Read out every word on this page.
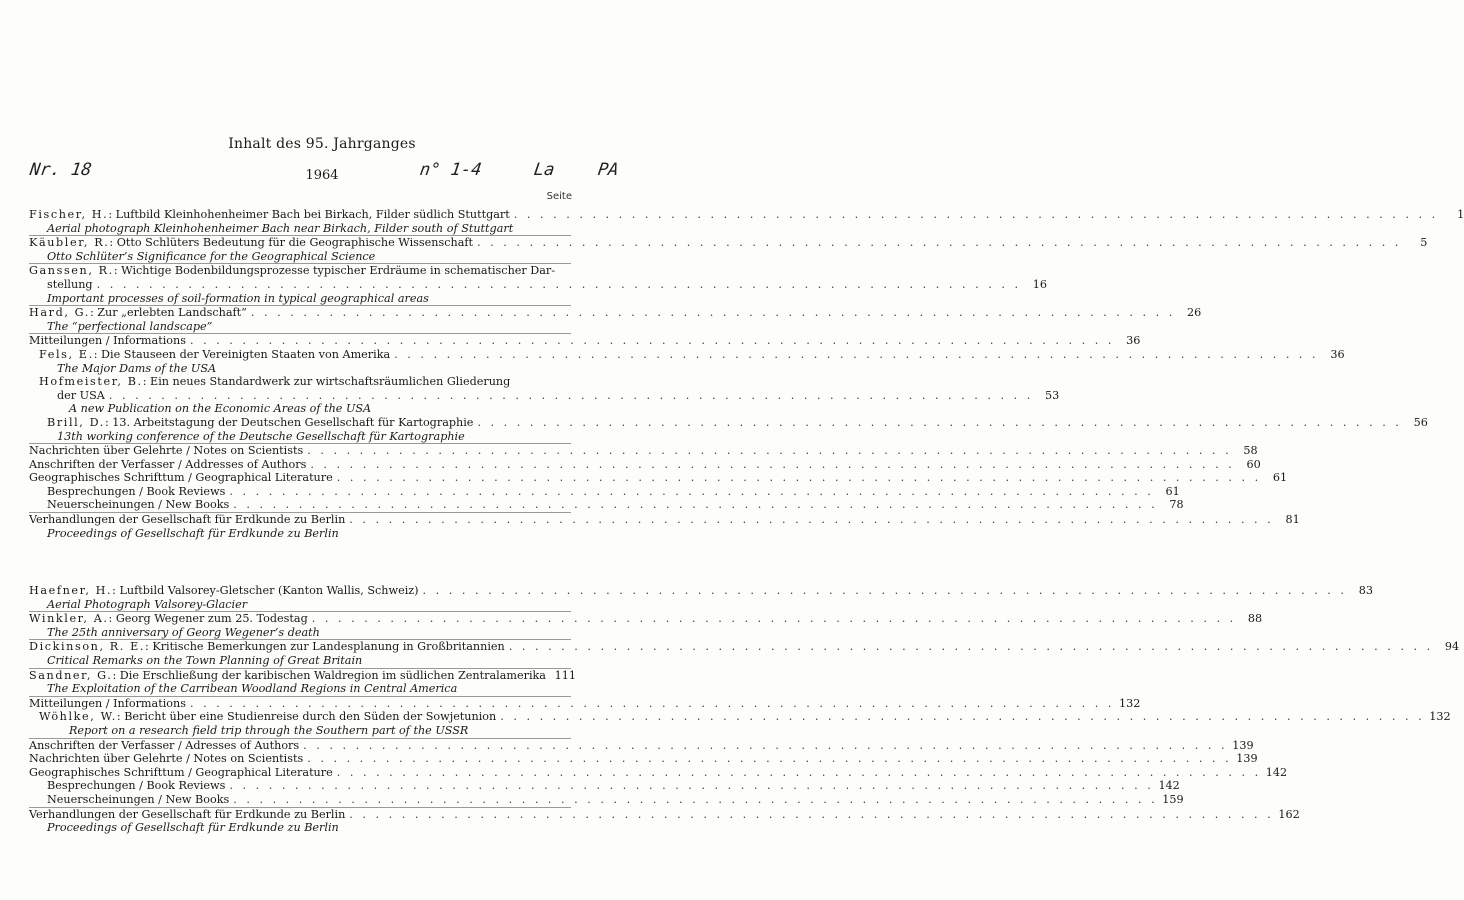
Inhalt des 95. Jahrganges
1964
Nr. 18	n° 1-4	La PA
Seite
Fischer, H.: Luftbild Kleinhohenheimer Bach bei Birkach, Filder südlich Stuttgart . . .	1
Aerial photograph Kleinhohenheimer Bach near Birkach, Filder south of Stuttgart
Käubler, R.: Otto Schlüters Bedeutung für die Geographische Wissenschaft . . .	5
Otto Schlüter’s Significance for the Geographical Science
Ganssen, R.: Wichtige Bodenbildungsprozesse typischer Erdräume in schematischer Dar-
stellung . . .	16
Important processes of soil-formation in typical geographical areas
Hard, G.: Zur „erlebten Landschaft“ . . .	26
The “perfectional landscape”
Mitteilungen / Informations . . .	36
Fels, E.: Die Stauseen der Vereinigten Staaten von Amerika . . .	36
The Major Dams of the USA
Hofmeister, B.: Ein neues Standardwerk zur wirtschaftsräumlichen Gliederung
der USA . . .	53
A new Publication on the Economic Areas of the USA
Brill, D.: 13. Arbeitstagung der Deutschen Gesellschaft für Kartographie . . .	56
13th working conference of the Deutsche Gesellschaft für Kartographie
Nachrichten über Gelehrte / Notes on Scientists . . .	58
Anschriften der Verfasser / Addresses of Authors . . .	60
Geographisches Schrifttum / Geographical Literature . . .	61
Besprechungen / Book Reviews . . .	61
Neuerscheinungen / New Books . . .	78
Verhandlungen der Gesellschaft für Erdkunde zu Berlin . . .	81
Proceedings of Gesellschaft für Erdkunde zu Berlin
Haefner, H.: Luftbild Valsorey-Gletscher (Kanton Wallis, Schweiz) . . .	83
Aerial Photograph Valsorey-Glacier
Winkler, A.: Georg Wegener zum 25. Todestag . . .	88
The 25th anniversary of Georg Wegener’s death
Dickinson, R. E.: Kritische Bemerkungen zur Landesplanung in Großbritannien . . .	94
Critical Remarks on the Town Planning of Great Britain
Sandner, G.: Die Erschließung der karibischen Waldregion im südlichen Zentralamerika 111
The Exploitation of the Carribean Woodland Regions in Central America
Mitteilungen / Informations . . .	132
Wöhlke, W.: Bericht über eine Studienreise durch den Süden der Sowjetunion . . .	132
Report on a research field trip through the Southern part of the USSR
Anschriften der Verfasser / Adresses of Authors . . .	139
Nachrichten über Gelehrte / Notes on Scientists . . .	139
Geographisches Schrifttum / Geographical Literature . . .	142
Besprechungen / Book Reviews . . .	142
Neuerscheinungen / New Books . . .	159
Verhandlungen der Gesellschaft für Erdkunde zu Berlin . . .	162
Proceedings of Gesellschaft für Erdkunde zu Berlin
